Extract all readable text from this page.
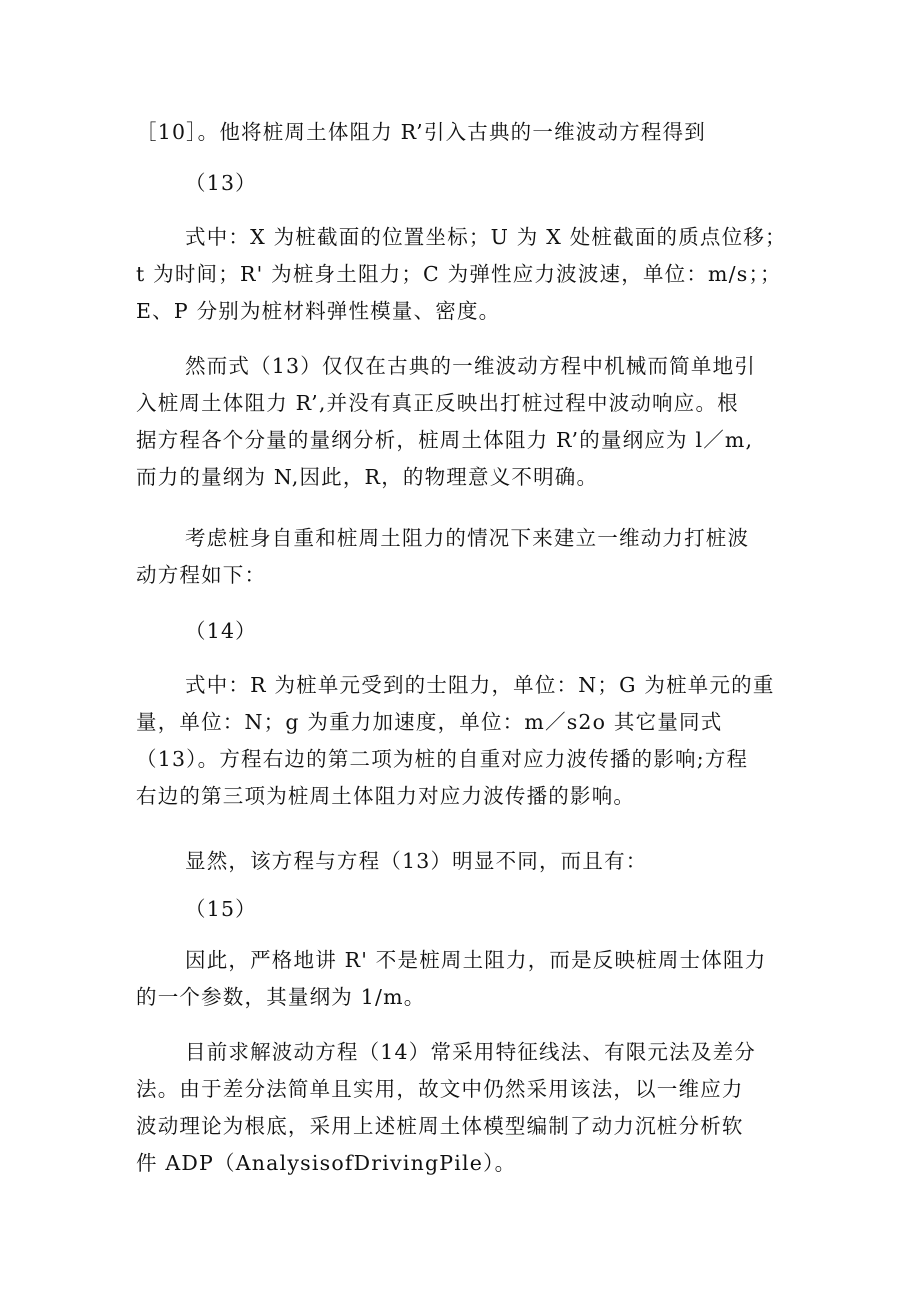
［10］。他将桩周土体阻力 R’引入古典的一维波动方程得到
（13）
式中：X 为桩截面的位置坐标；U 为 X 处桩截面的质点位移；
t 为时间；R' 为桩身土阻力；C 为弹性应力波波速，单位：m/s；；
E、P 分别为桩材料弹性模量、密度。
然而式（13）仅仅在古典的一维波动方程中机械而简单地引
入桩周土体阻力 R’,并没有真正反映出打桩过程中波动响应。根
据方程各个分量的量纲分析，桩周土体阻力 R’的量纲应为 l／m,
而力的量纲为 N,因此，R，的物理意义不明确。
考虑桩身自重和桩周土阻力的情况下来建立一维动力打桩波
动方程如下：
（14）
式中：R 为桩单元受到的士阻力，单位：N；G 为桩单元的重
量，单位：N；g 为重力加速度，单位：m／s2o 其它量同式
（13）。方程右边的第二项为桩的自重对应力波传播的影响;方程
右边的第三项为桩周土体阻力对应力波传播的影响。
显然，该方程与方程（13）明显不同，而且有：
（15）
因此，严格地讲 R' 不是桩周土阻力，而是反映桩周士体阻力
的一个参数，其量纲为 1/m。
目前求解波动方程（14）常采用特征线法、有限元法及差分
法。由于差分法简单且实用，故文中仍然采用该法，以一维应力
波动理论为根底，采用上述桩周土体模型编制了动力沉桩分析软
件 ADP（AnalysisofDrivingPile）。
